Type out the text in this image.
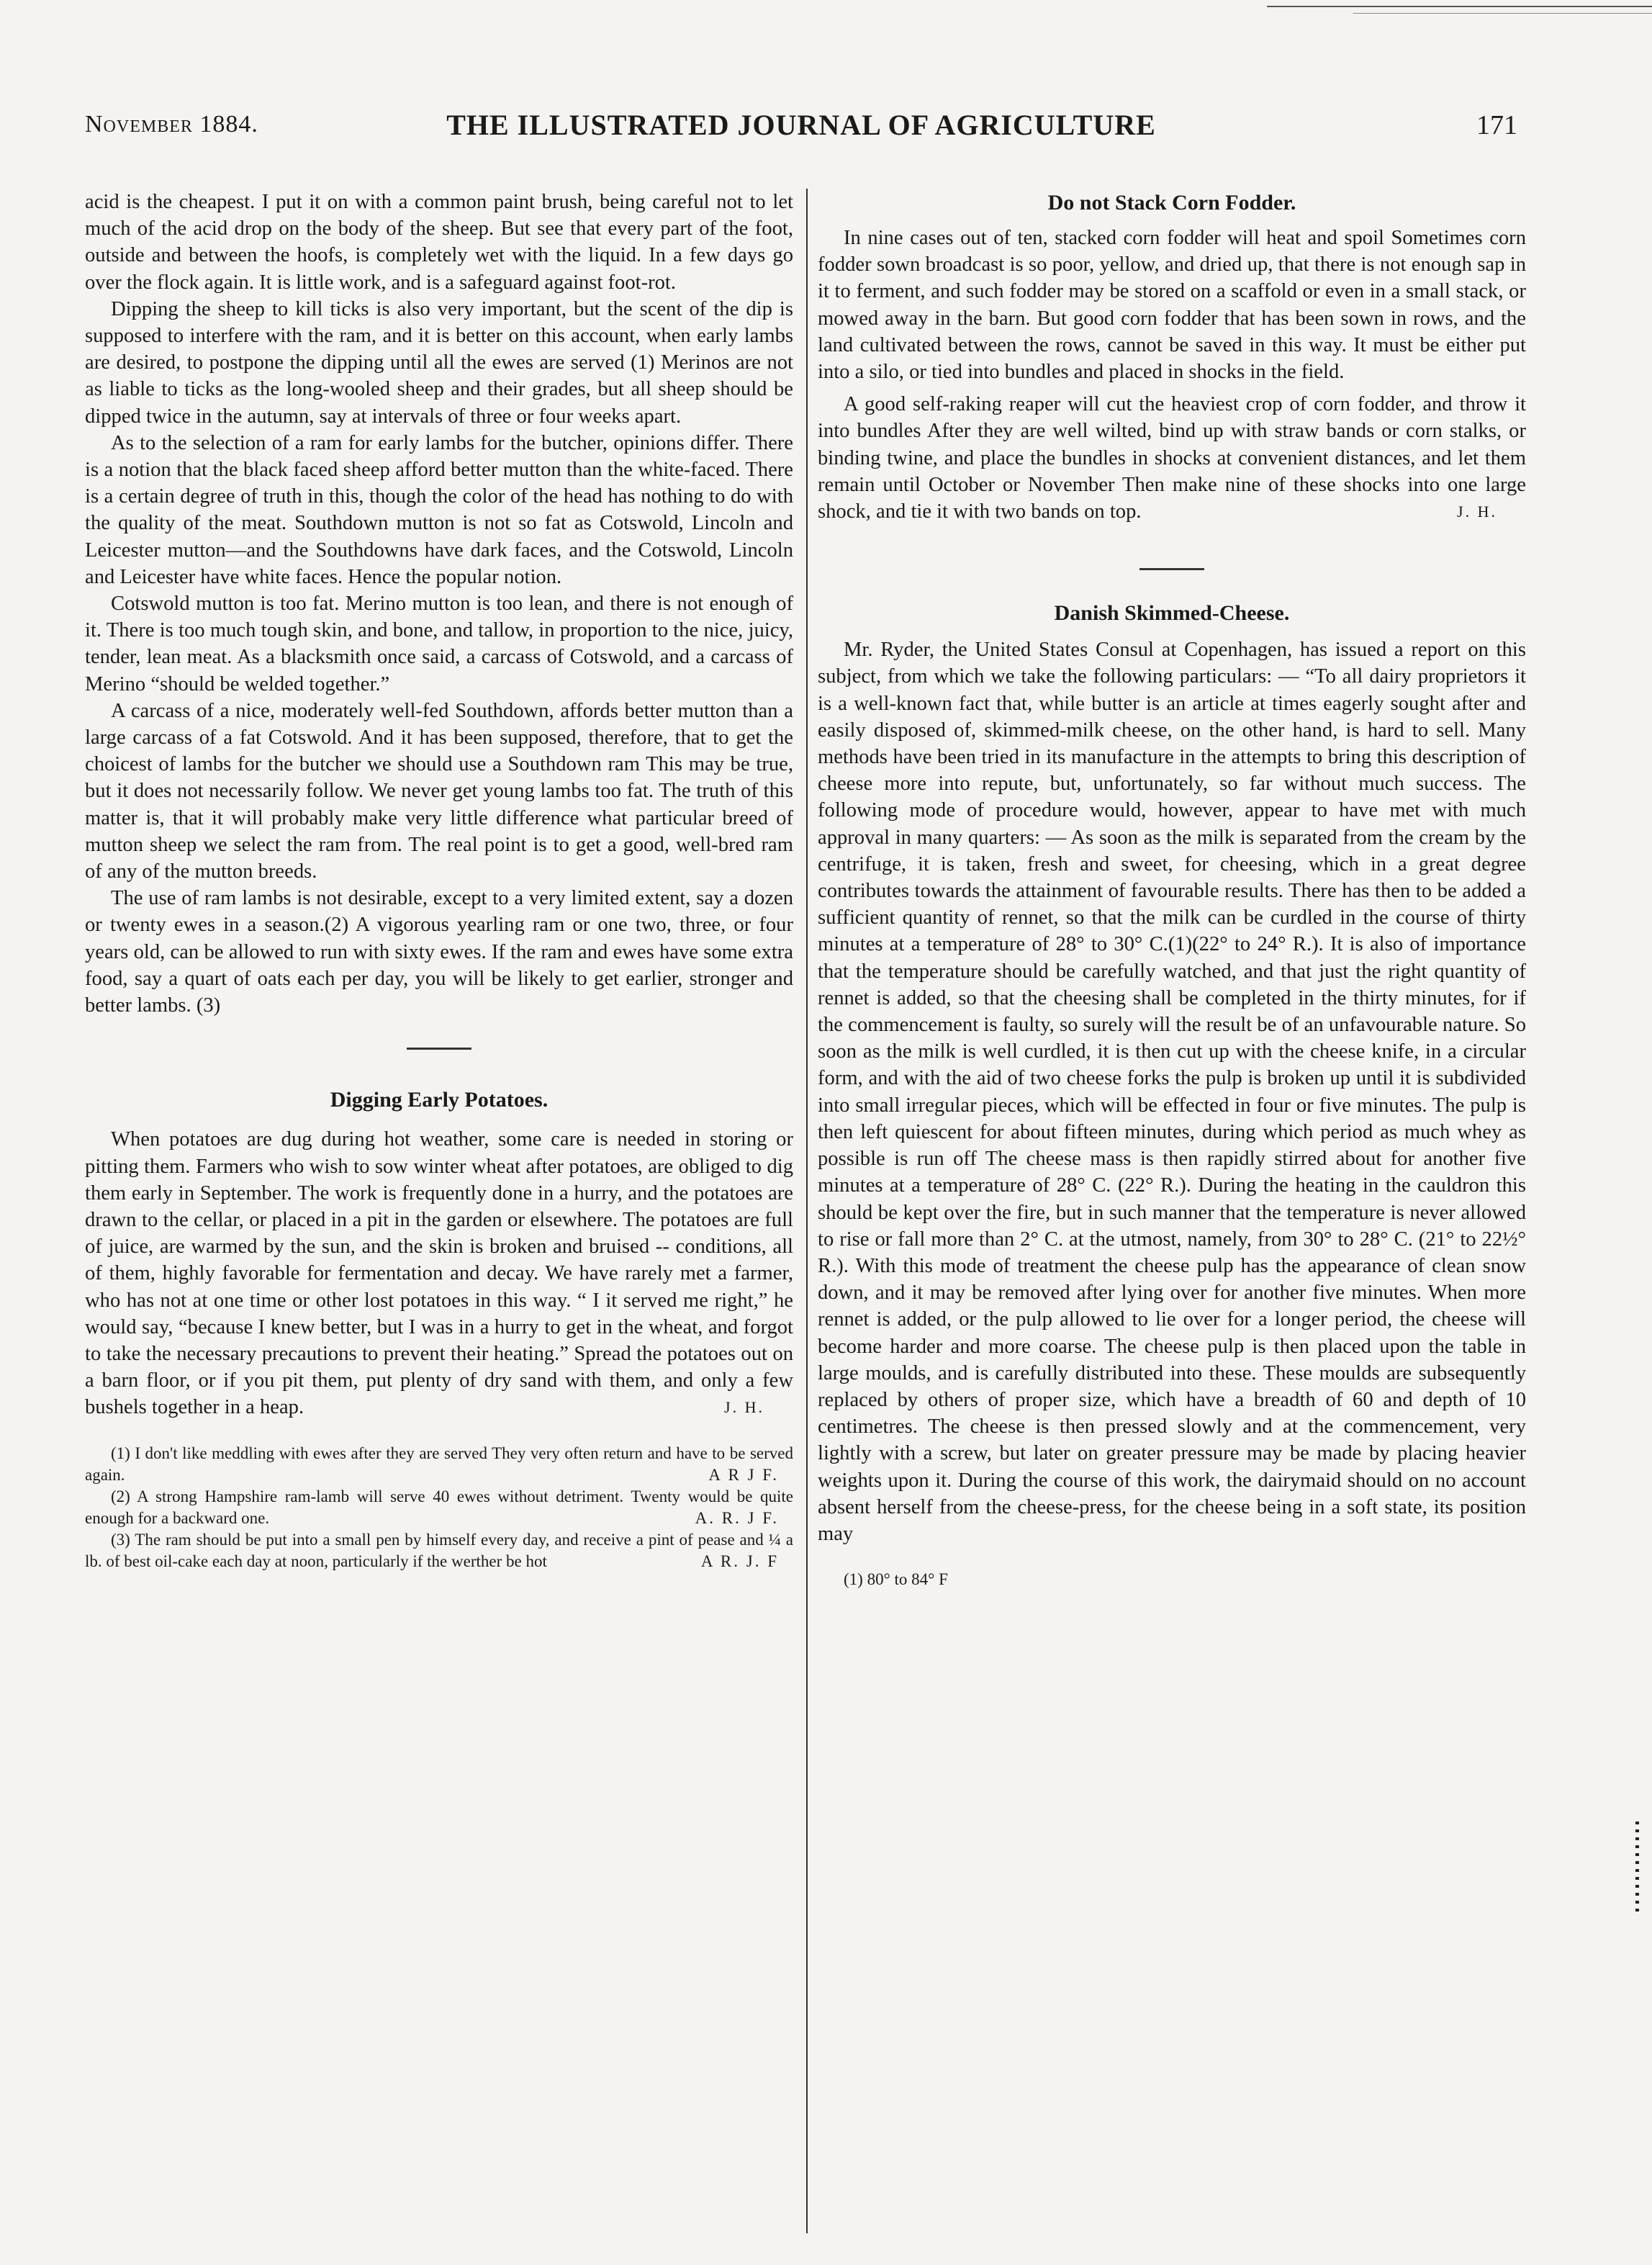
November 1884.	THE ILLUSTRATED JOURNAL OF AGRICULTURE	171

acid is the cheapest. I put it on with a common paint brush, being careful not to let much of the acid drop on the body of the sheep. But see that every part of the foot, outside and between the hoofs, is completely wet with the liquid. In a few days go over the flock again. It is little work, and is a safeguard against foot-rot.

Dipping the sheep to kill ticks is also very important, but the scent of the dip is supposed to interfere with the ram, and it is better on this account, when early lambs are desired, to postpone the dipping until all the ewes are served (1) Merinos are not as liable to ticks as the long-wooled sheep and their grades, but all sheep should be dipped twice in the autumn, say at intervals of three or four weeks apart.

As to the selection of a ram for early lambs for the butcher, opinions differ. There is a notion that the black faced sheep afford better mutton than the white-faced. There is a certain degree of truth in this, though the color of the head has nothing to do with the quality of the meat. Southdown mutton is not so fat as Cotswold, Lincoln and Leicester mutton—and the Southdowns have dark faces, and the Cotswold, Lincoln and Leicester have white faces. Hence the popular notion.

Cotswold mutton is too fat. Merino mutton is too lean, and there is not enough of it. There is too much tough skin, and bone, and tallow, in proportion to the nice, juicy, tender, lean meat. As a blacksmith once said, a carcass of Cotswold, and a carcass of Merino “should be welded together.”

A carcass of a nice, moderately well-fed Southdown, affords better mutton than a large carcass of a fat Cotswold. And it has been supposed, therefore, that to get the choicest of lambs for the butcher we should use a Southdown ram This may be true, but it does not necessarily follow. We never get young lambs too fat. The truth of this matter is, that it will probably make very little difference what particular breed of mutton sheep we select the ram from. The real point is to get a good, well-bred ram of any of the mutton breeds.

The use of ram lambs is not desirable, except to a very limited extent, say a dozen or twenty ewes in a season.(2) A vigorous yearling ram or one two, three, or four years old, can be allowed to run with sixty ewes. If the ram and ewes have some extra food, say a quart of oats each per day, you will be likely to get earlier, stronger and better lambs. (3)

Digging Early Potatoes.

When potatoes are dug during hot weather, some care is needed in storing or pitting them. Farmers who wish to sow winter wheat after potatoes, are obliged to dig them early in September. The work is frequently done in a hurry, and the potatoes are drawn to the cellar, or placed in a pit in the garden or elsewhere. The potatoes are full of juice, are warmed by the sun, and the skin is broken and bruised -- conditions, all of them, highly favorable for fermentation and decay. We have rarely met a farmer, who has not at one time or other lost potatoes in this way. “ I it served me right,” he would say, “because I knew better, but I was in a hurry to get in the wheat, and forgot to take the necessary precautions to prevent their heating.” Spread the potatoes out on a barn floor, or if you pit them, put plenty of dry sand with them, and only a few bushels together in a heap.	J. H.

(1) I don't like meddling with ewes after they are served They very often return and have to be served again.	A R J F.

(2) A strong Hampshire ram-lamb will serve 40 ewes without detriment. Twenty would be quite enough for a backward one.	A. R. J F.

(3) The ram should be put into a small pen by himself every day, and receive a pint of pease and ¼ a lb. of best oil-cake each day at noon, particularly if the werther be hot	A R. J. F

Do not Stack Corn Fodder.

In nine cases out of ten, stacked corn fodder will heat and spoil Sometimes corn fodder sown broadcast is so poor, yellow, and dried up, that there is not enough sap in it to ferment, and such fodder may be stored on a scaffold or even in a small stack, or mowed away in the barn. But good corn fodder that has been sown in rows, and the land cultivated between the rows, cannot be saved in this way. It must be either put into a silo, or tied into bundles and placed in shocks in the field.

A good self-raking reaper will cut the heaviest crop of corn fodder, and throw it into bundles After they are well wilted, bind up with straw bands or corn stalks, or binding twine, and place the bundles in shocks at convenient distances, and let them remain until October or November Then make nine of these shocks into one large shock, and tie it with two bands on top.	J. H.

Danish Skimmed-Cheese.

Mr. Ryder, the United States Consul at Copenhagen, has issued a report on this subject, from which we take the following particulars: — “To all dairy proprietors it is a well-known fact that, while butter is an article at times eagerly sought after and easily disposed of, skimmed-milk cheese, on the other hand, is hard to sell. Many methods have been tried in its manufacture in the attempts to bring this description of cheese more into repute, but, unfortunately, so far without much success. The following mode of procedure would, however, appear to have met with much approval in many quarters: — As soon as the milk is separated from the cream by the centrifuge, it is taken, fresh and sweet, for cheesing, which in a great degree contributes towards the attainment of favourable results. There has then to be added a sufficient quantity of rennet, so that the milk can be curdled in the course of thirty minutes at a temperature of 28° to 30° C.(1)(22° to 24° R.). It is also of importance that the temperature should be carefully watched, and that just the right quantity of rennet is added, so that the cheesing shall be completed in the thirty minutes, for if the commencement is faulty, so surely will the result be of an unfavourable nature. So soon as the milk is well curdled, it is then cut up with the cheese knife, in a circular form, and with the aid of two cheese forks the pulp is broken up until it is subdivided into small irregular pieces, which will be effected in four or five minutes. The pulp is then left quiescent for about fifteen minutes, during which period as much whey as possible is run off The cheese mass is then rapidly stirred about for another five minutes at a temperature of 28° C. (22° R.). During the heating in the cauldron this should be kept over the fire, but in such manner that the temperature is never allowed to rise or fall more than 2° C. at the utmost, namely, from 30° to 28° C. (21° to 22½° R.). With this mode of treatment the cheese pulp has the appearance of clean snow down, and it may be removed after lying over for another five minutes. When more rennet is added, or the pulp allowed to lie over for a longer period, the cheese will become harder and more coarse. The cheese pulp is then placed upon the table in large moulds, and is carefully distributed into these. These moulds are subsequently replaced by others of proper size, which have a breadth of 60 and depth of 10 centimetres. The cheese is then pressed slowly and at the commencement, very lightly with a screw, but later on greater pressure may be made by placing heavier weights upon it. During the course of this work, the dairymaid should on no account absent herself from the cheese-press, for the cheese being in a soft state, its position may

(1) 80° to 84° F
